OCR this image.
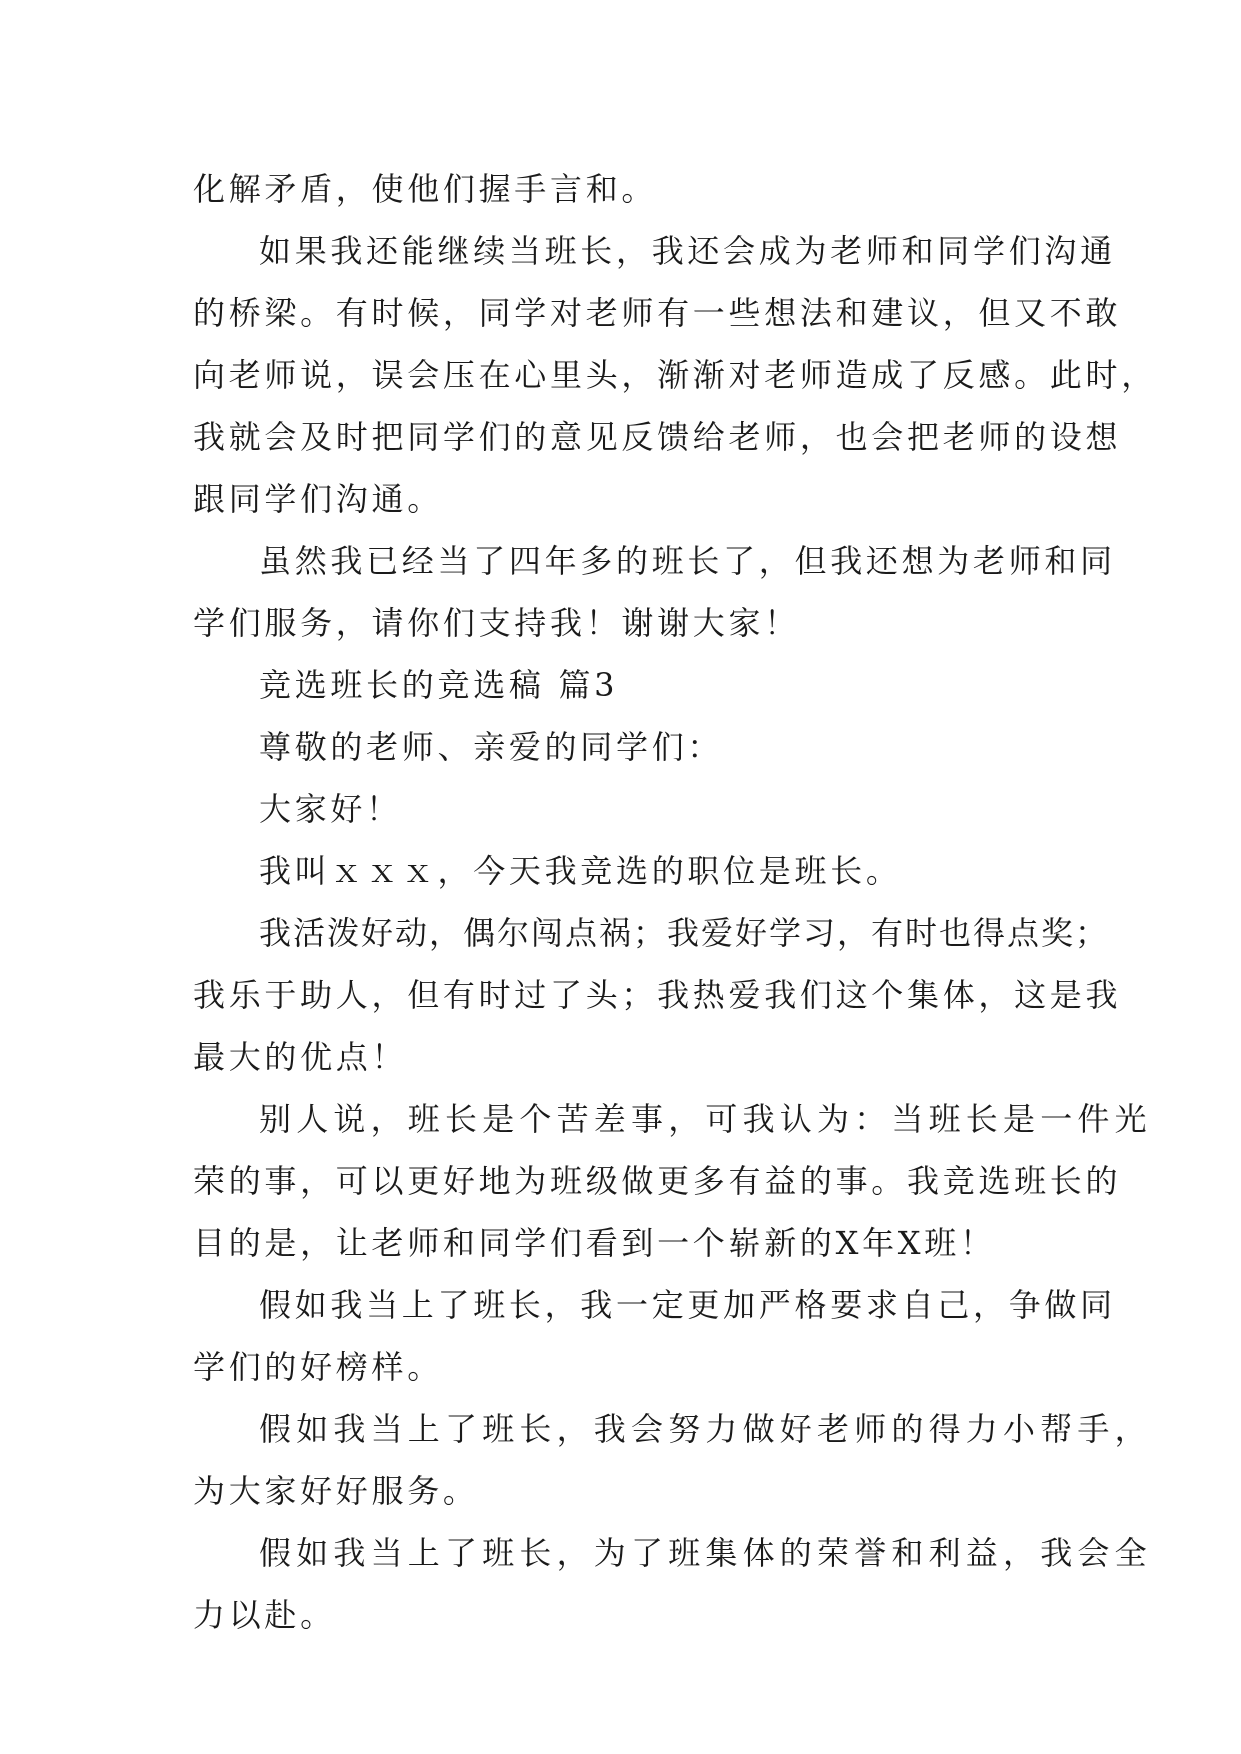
化解矛盾，使他们握手言和。
如果我还能继续当班长，我还会成为老师和同学们沟通
的桥梁。有时候，同学对老师有一些想法和建议，但又不敢
向老师说，误会压在心里头，渐渐对老师造成了反感。此时，
我就会及时把同学们的意见反馈给老师，也会把老师的设想
跟同学们沟通。
虽然我已经当了四年多的班长了，但我还想为老师和同
学们服务，请你们支持我！谢谢大家！
竞选班长的竞选稿 篇3
尊敬的老师、亲爱的同学们：
大家好！
我叫ｘｘｘ，今天我竞选的职位是班长。
我活泼好动，偶尔闯点祸；我爱好学习，有时也得点奖；
我乐于助人，但有时过了头；我热爱我们这个集体，这是我
最大的优点！
别人说，班长是个苦差事，可我认为：当班长是一件光
荣的事，可以更好地为班级做更多有益的事。我竞选班长的
目的是，让老师和同学们看到一个崭新的X年X班！
假如我当上了班长，我一定更加严格要求自己，争做同
学们的好榜样。
假如我当上了班长，我会努力做好老师的得力小帮手，
为大家好好服务。
假如我当上了班长，为了班集体的荣誉和利益，我会全
力以赴。
